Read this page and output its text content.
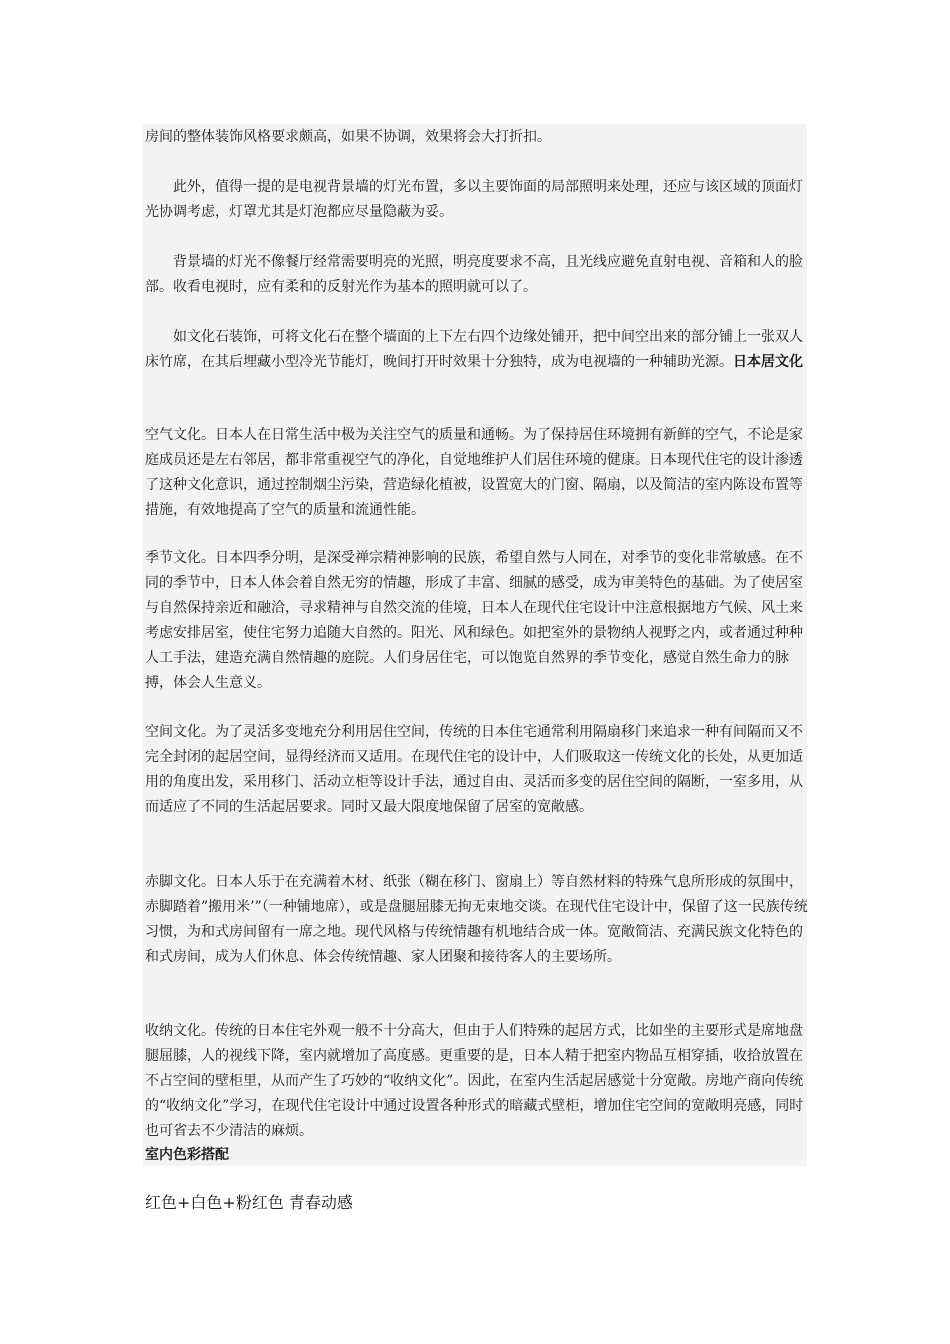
房间的整体装饰风格要求颇高，如果不协调，效果将会大打折扣。

此外，值得一提的是电视背景墙的灯光布置，多以主要饰面的局部照明来处理，还应与该区域的顶面灯光协调考虑，灯罩尤其是灯泡都应尽量隐蔽为妥。

背景墙的灯光不像餐厅经常需要明亮的光照，明亮度要求不高，且光线应避免直射电视、音箱和人的脸部。收看电视时，应有柔和的反射光作为基本的照明就可以了。

如文化石装饰，可将文化石在整个墙面的上下左右四个边缘处铺开，把中间空出来的部分铺上一张双人床竹席，在其后埋藏小型冷光节能灯，晚间打开时效果十分独特，成为电视墙的一种辅助光源。日本居文化

空气文化。日本人在日常生活中极为关注空气的质量和通畅。为了保持居住环境拥有新鲜的空气，不论是家庭成员还是左右邻居，都非常重视空气的净化，自觉地维护人们居住环境的健康。日本现代住宅的设计渗透了这种文化意识，通过控制烟尘污染，营造绿化植被，设置宽大的门窗、隔扇，以及简洁的室内陈设布置等措施，有效地提高了空气的质量和流通性能。

季节文化。日本四季分明，是深受禅宗精神影响的民族，希望自然与人同在，对季节的变化非常敏感。在不同的季节中，日本人体会着自然无穷的情趣，形成了丰富、细腻的感受，成为审美特色的基础。为了使居室与自然保持亲近和融洽，寻求精神与自然交流的佳境，日本人在现代住宅设计中注意根据地方气候、风土来考虑安排居室，使住宅努力追随大自然的。阳光、风和绿色。如把室外的景物纳人视野之内，或者通过种种人工手法，建造充满自然情趣的庭院。人们身居住宅，可以饱览自然界的季节变化，感觉自然生命力的脉搏，体会人生意义。

空间文化。为了灵活多变地充分利用居住空间，传统的日本住宅通常利用隔扇移门来追求一种有间隔而又不完全封闭的起居空间，显得经济而又适用。在现代住宅的设计中，人们吸取这一传统文化的长处，从更加适用的角度出发，采用移门、活动立柜等设计手法，通过自由、灵活而多变的居住空间的隔断，一室多用，从而适应了不同的生活起居要求。同时又最大限度地保留了居室的宽敞感。

赤脚文化。日本人乐于在充满着木材、纸张（糊在移门、窗扇上）等自然材料的特殊气息所形成的氛围中，赤脚踏着”搬用米’”（一种铺地席），或是盘腿屈膝无拘无束地交谈。在现代住宅设计中，保留了这一民族传统习惯，为和式房间留有一席之地。现代风格与传统情趣有机地结合成一体。宽敞简洁、充满民族文化特色的和式房间，成为人们休息、体会传统情趣、家人团聚和接待客人的主要场所。

收纳文化。传统的日本住宅外观一般不十分高大，但由于人们特殊的起居方式，比如坐的主要形式是席地盘腿屈膝，人的视线下降，室内就增加了高度感。更重要的是，日本人精于把室内物品互相穿插，收拾放置在不占空间的壁柜里，从而产生了巧妙的“收纳文化”。因此，在室内生活起居感觉十分宽敞。房地产商向传统的“收纳文化”学习，在现代住宅设计中通过设置各种形式的暗藏式壁柜，增加住宅空间的宽敞明亮感，同时也可省去不少清洁的麻烦。

室内色彩搭配

红色+白色+粉红色 青春动感
